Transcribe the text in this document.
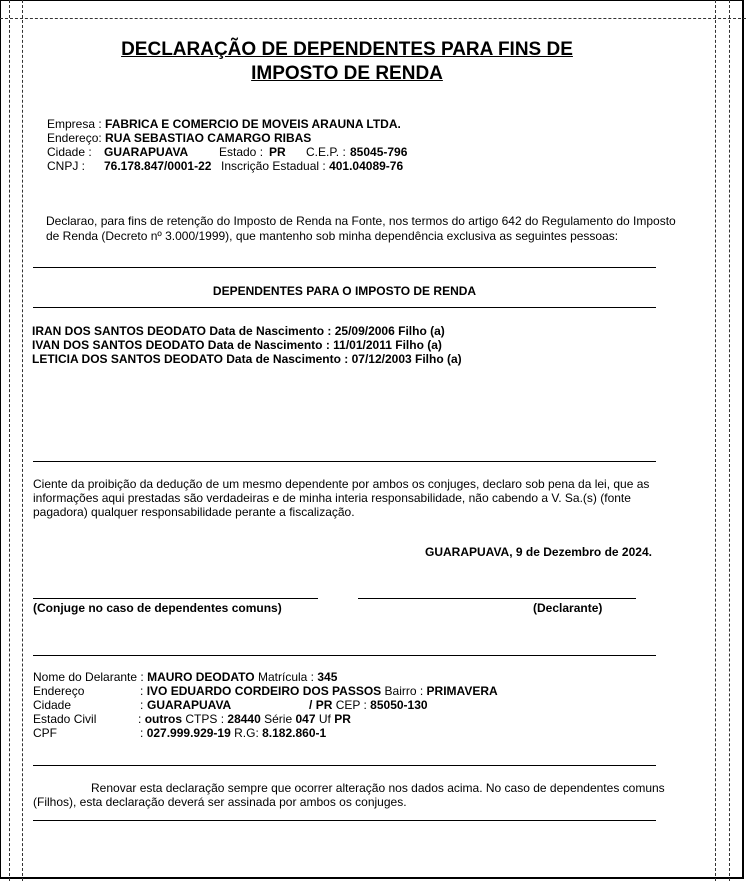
DECLARAÇÃO DE DEPENDENTES PARA FINS DE
IMPOSTO DE RENDA
Empresa : FABRICA E COMERCIO DE MOVEIS ARAUNA LTDA.
Endereço: RUA SEBASTIAO CAMARGO RIBAS
Cidade : GUARAPUAVA	Estado : PR C.E.P. : 85045-796
CNPJ : 76.178.847/0001-22 Inscrição Estadual : 401.04089-76
Declarao, para fins de retenção do Imposto de Renda na Fonte, nos termos do artigo 642 do Regulamento do Imposto
de Renda (Decreto nº 3.000/1999), que mantenho sob minha dependência exclusiva as seguintes pessoas:
DEPENDENTES PARA O IMPOSTO DE RENDA
IRAN DOS SANTOS DEODATO Data de Nascimento : 25/09/2006 Filho (a)
IVAN DOS SANTOS DEODATO Data de Nascimento : 11/01/2011 Filho (a)
LETICIA DOS SANTOS DEODATO Data de Nascimento : 07/12/2003 Filho (a)
Ciente da proibição da dedução de um mesmo dependente por ambos os conjuges, declaro sob pena da lei, que as
informações aqui prestadas são verdadeiras e de minha interia responsabilidade, não cabendo a V. Sa.(s) (fonte
pagadora) qualquer responsabilidade perante a fiscalização.
GUARAPUAVA, 9 de Dezembro de 2024.
(Conjuge no caso de dependentes comuns)	(Declarante)
Nome do Delarante : MAURO DEODATO Matrícula : 345
Endereço	: IVO EDUARDO CORDEIRO DOS PASSOS Bairro : PRIMAVERA
Cidade	: GUARAPUAVA	/ PR CEP : 85050-130
Estado Civil	: outros CTPS : 28440 Série 047 Uf PR
CPF	: 027.999.929-19 R.G: 8.182.860-1
Renovar esta declaração sempre que ocorrer alteração nos dados acima. No caso de dependentes comuns
(Filhos), esta declaração deverá ser assinada por ambos os conjuges.
